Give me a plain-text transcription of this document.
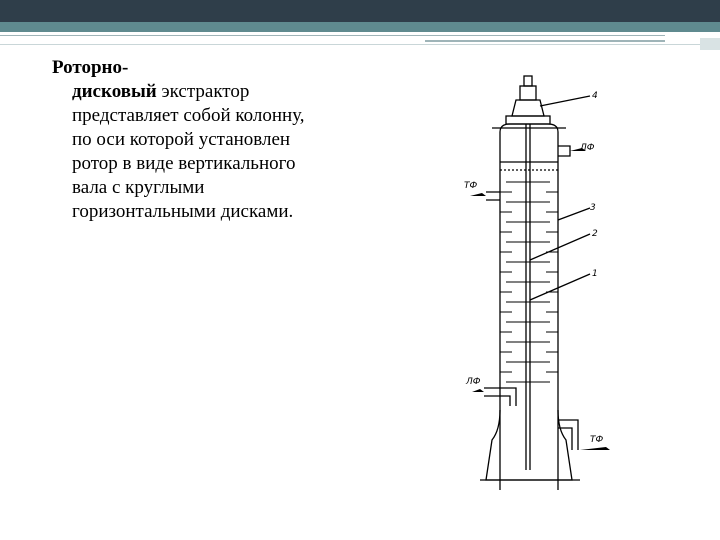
Роторно-
дисковый экстрактор
представляет собой колонну,
по оси которой установлен
ротор в виде вертикального
вала с круглыми
горизонтальными дисками.
4
3
2
1
ЛФ
ТФ
ЛФ
ТФ
